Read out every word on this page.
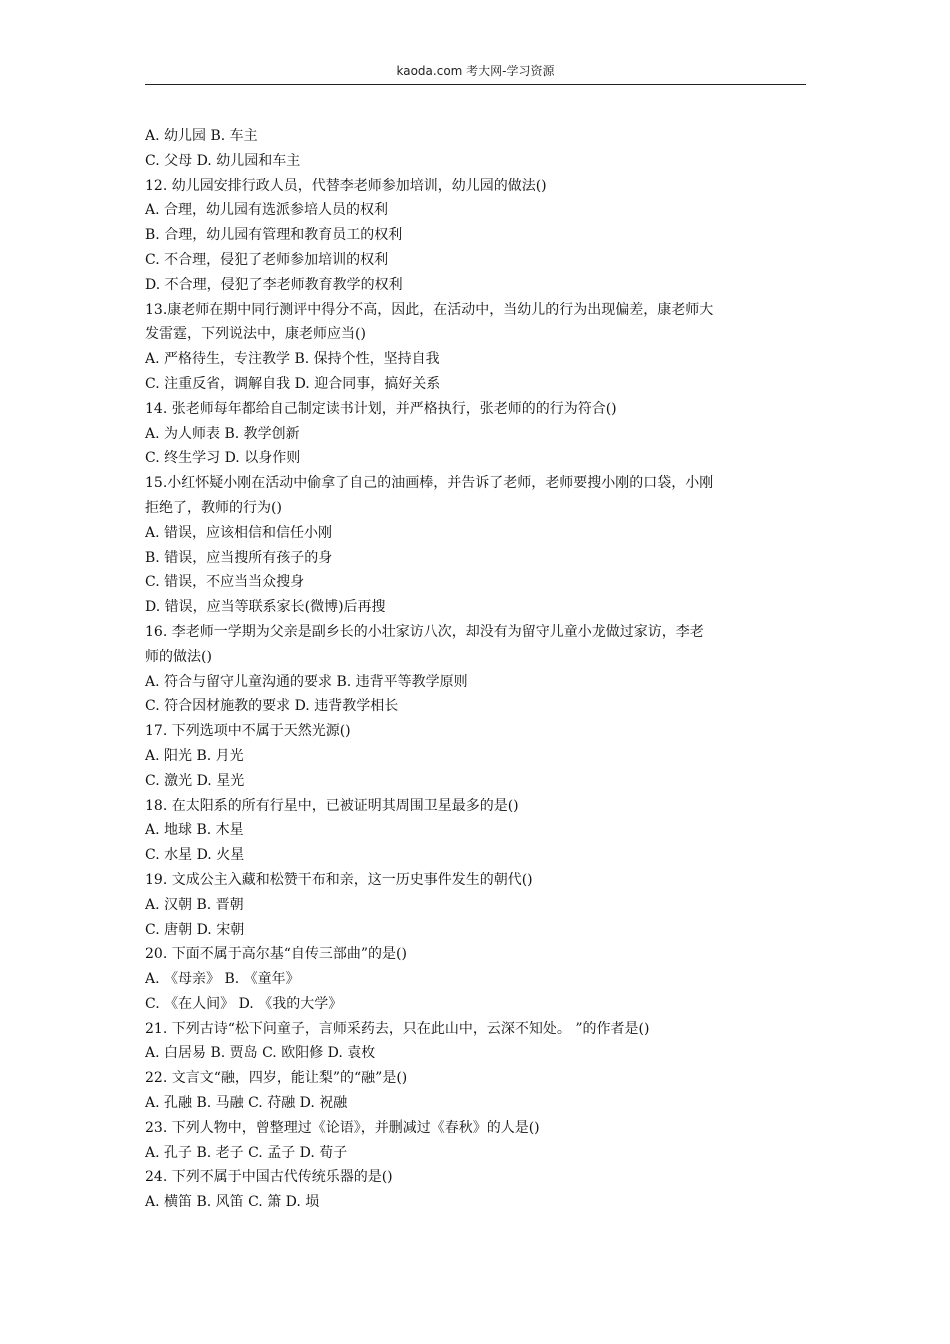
kaoda.com 考大网-学习资源
A. 幼儿园 B. 车主
C. 父母 D. 幼儿园和车主
12. 幼儿园安排行政人员，代替李老师参加培训，幼儿园的做法()
A. 合理，幼儿园有选派参培人员的权利
B. 合理，幼儿园有管理和教育员工的权利
C. 不合理，侵犯了老师参加培训的权利
D. 不合理，侵犯了李老师教育教学的权利
13.康老师在期中同行测评中得分不高，因此，在活动中，当幼儿的行为出现偏差，康老师大
发雷霆，下列说法中，康老师应当()
A. 严格待生，专注教学 B. 保持个性，坚持自我
C. 注重反省，调解自我 D. 迎合同事，搞好关系
14. 张老师每年都给自己制定读书计划，并严格执行，张老师的的行为符合()
A. 为人师表 B. 教学创新
C. 终生学习 D. 以身作则
15.小红怀疑小刚在活动中偷拿了自己的油画棒，并告诉了老师，老师要搜小刚的口袋，小刚
拒绝了，教师的行为()
A. 错误，应该相信和信任小刚
B. 错误，应当搜所有孩子的身
C. 错误，不应当当众搜身
D. 错误，应当等联系家长(微博)后再搜
16. 李老师一学期为父亲是副乡长的小壮家访八次，却没有为留守儿童小龙做过家访，李老
师的做法()
A. 符合与留守儿童沟通的要求 B. 违背平等教学原则
C. 符合因材施教的要求 D. 违背教学相长
17. 下列选项中不属于天然光源()
A. 阳光 B. 月光
C. 激光 D. 星光
18. 在太阳系的所有行星中，已被证明其周围卫星最多的是()
A. 地球 B. 木星
C. 水星 D. 火星
19. 文成公主入藏和松赞干布和亲，这一历史事件发生的朝代()
A. 汉朝 B. 晋朝
C. 唐朝 D. 宋朝
20. 下面不属于高尔基“自传三部曲”的是()
A. 《母亲》 B. 《童年》
C. 《在人间》 D. 《我的大学》
21. 下列古诗“松下问童子，言师采药去，只在此山中，云深不知处。 ”的作者是()
A. 白居易 B. 贾岛 C. 欧阳修 D. 袁枚
22. 文言文“融，四岁，能让梨”的“融”是()
A. 孔融 B. 马融 C. 苻融 D. 祝融
23. 下列人物中，曾整理过《论语》，并删减过《春秋》的人是()
A. 孔子 B. 老子 C. 孟子 D. 荀子
24. 下列不属于中国古代传统乐器的是()
A. 横笛 B. 风笛 C. 箫 D. 埙
